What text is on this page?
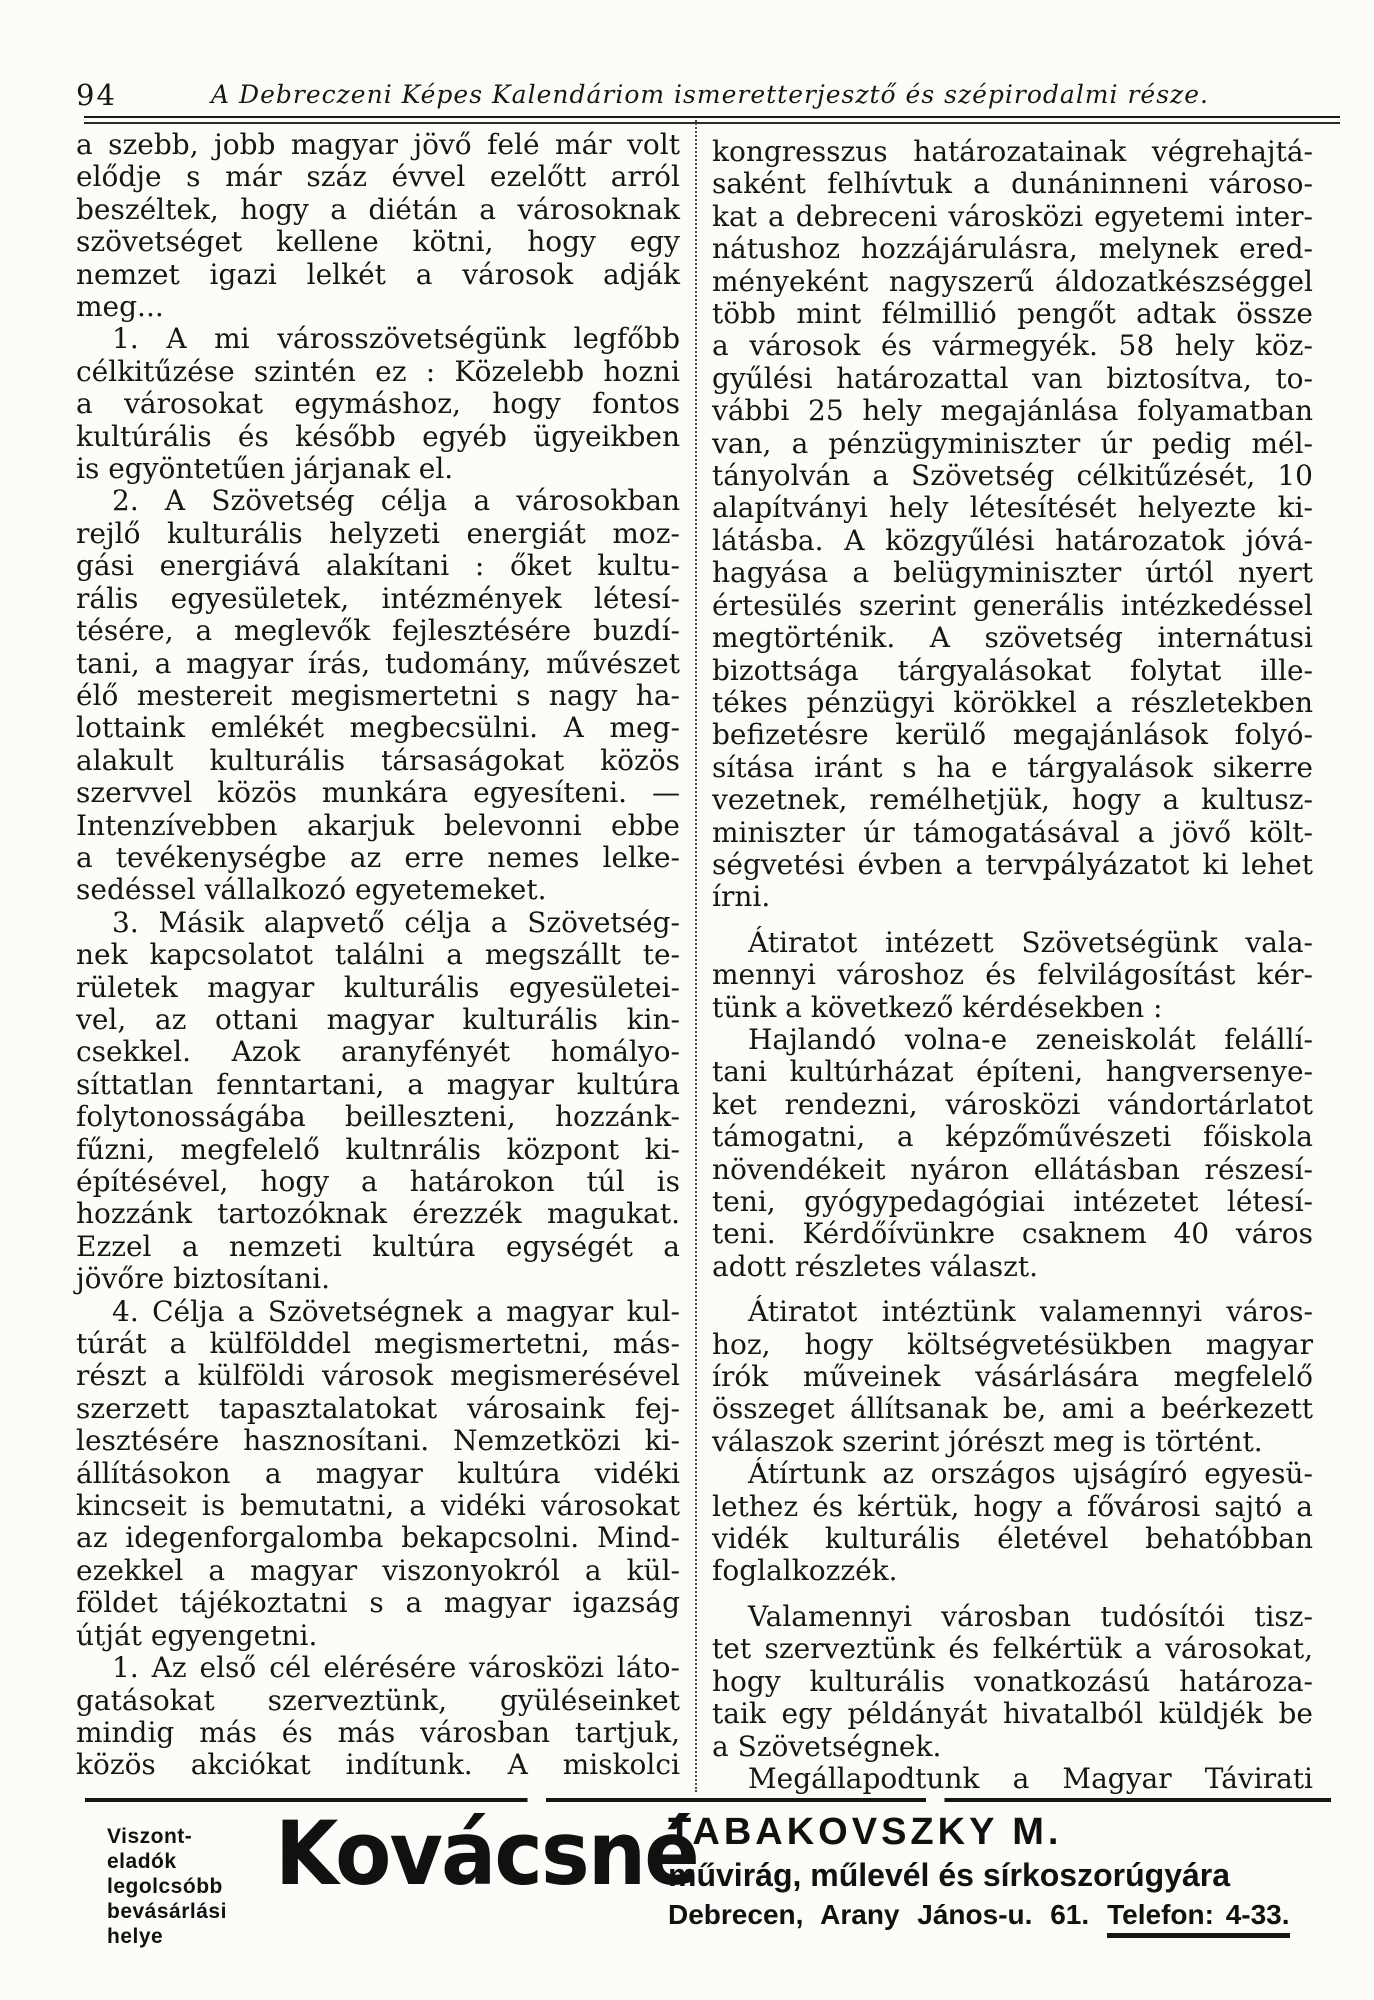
94	A Debreczeni Képes Kalendáriom ismeretterjesztő és szépirodalmi része.
a szebb, jobb magyar jövő felé már volt
elődje s már száz évvel ezelőtt arról
beszéltek, hogy a diétán a városoknak
szövetséget kellene kötni, hogy egy
nemzet igazi lelkét a városok adják
meg...
1. A mi városszövetségünk legfőbb
célkitűzése szintén ez : Közelebb hozni
a városokat egymáshoz, hogy fontos
kultúrális és később egyéb ügyeikben
is egyöntetűen járjanak el.
2. A Szövetség célja a városokban
rejlő kulturális helyzeti energiát moz-
gási energiává alakítani : őket kultu-
rális egyesületek, intézmények létesí-
tésére, a meglevők fejlesztésére buzdí-
tani, a magyar írás, tudomány, művészet
élő mestereit megismertetni s nagy ha-
lottaink emlékét megbecsülni. A meg-
alakult kulturális társaságokat közös
szervvel közös munkára egyesíteni. —
Intenzívebben akarjuk belevonni ebbe
a tevékenységbe az erre nemes lelke-
sedéssel vállalkozó egyetemeket.
3. Másik alapvető célja a Szövetség-
nek kapcsolatot találni a megszállt te-
rületek magyar kulturális egyesületei-
vel, az ottani magyar kulturális kin-
csekkel. Azok aranyfényét homályo-
síttatlan fenntartani, a magyar kultúra
folytonosságába beilleszteni, hozzánk-
fűzni, megfelelő kultnrális központ ki-
építésével, hogy a határokon túl is
hozzánk tartozóknak érezzék magukat.
Ezzel a nemzeti kultúra egységét a
jövőre biztosítani.
4. Célja a Szövetségnek a magyar kul-
túrát a külfölddel megismertetni, más-
részt a külföldi városok megismerésével
szerzett tapasztalatokat városaink fej-
lesztésére hasznosítani. Nemzetközi ki-
állításokon a magyar kultúra vidéki
kincseit is bemutatni, a vidéki városokat
az idegenforgalomba bekapcsolni. Mind-
ezekkel a magyar viszonyokról a kül-
földet tájékoztatni s a magyar igazság
útját egyengetni.
1. Az első cél elérésére városközi láto-
gatásokat szerveztünk, gyüléseinket
mindig más és más városban tartjuk,
közös akciókat indítunk. A miskolci
kongresszus határozatainak végrehajtá-
saként felhívtuk a dunáninneni városo-
kat a debreceni városközi egyetemi inter-
nátushoz hozzájárulásra, melynek ered-
ményeként nagyszerű áldozatkészséggel
több mint félmillió pengőt adtak össze
a városok és vármegyék. 58 hely köz-
gyűlési határozattal van biztosítva, to-
vábbi 25 hely megajánlása folyamatban
van, a pénzügyminiszter úr pedig mél-
tányolván a Szövetség célkitűzését, 10
alapítványi hely létesítését helyezte ki-
látásba. A közgyűlési határozatok jóvá-
hagyása a belügyminiszter úrtól nyert
értesülés szerint generális intézkedéssel
megtörténik. A szövetség internátusi
bizottsága tárgyalásokat folytat ille-
tékes pénzügyi körökkel a részletekben
befizetésre kerülő megajánlások folyó-
sítása iránt s ha e tárgyalások sikerre
vezetnek, remélhetjük, hogy a kultusz-
miniszter úr támogatásával a jövő költ-
ségvetési évben a tervpályázatot ki lehet
írni.
Átiratot intézett Szövetségünk vala-
mennyi városhoz és felvilágosítást kér-
tünk a következő kérdésekben :
Hajlandó volna-e zeneiskolát felállí-
tani kultúrházat építeni, hangversenye-
ket rendezni, városközi vándortárlatot
támogatni, a képzőművészeti főiskola
növendékeit nyáron ellátásban részesí-
teni, gyógypedagógiai intézetet létesí-
teni. Kérdőívünkre csaknem 40 város
adott részletes választ.
Átiratot intéztünk valamennyi város-
hoz, hogy költségvetésükben magyar
írók műveinek vásárlására megfelelő
összeget állítsanak be, ami a beérkezett
válaszok szerint jórészt meg is történt.
Átírtunk az országos ujságíró egyesü-
lethez és kértük, hogy a fővárosi sajtó a
vidék kulturális életével behatóbban
foglalkozzék.
Valamennyi városban tudósítói tisz-
tet szerveztünk és felkértük a városokat,
hogy kulturális vonatkozású határoza-
taik egy példányát hivatalból küldjék be
a Szövetségnek.
Megállapodtunk a Magyar Távirati
Viszont-
eladók
legolcsóbb
bevásárlási
helye
Kovácsné
TABAKOVSZKY M.
művirág, műlevél és sírkoszorúgyára
Debrecen, Arany János-u. 61. Telefon: 4-33.
